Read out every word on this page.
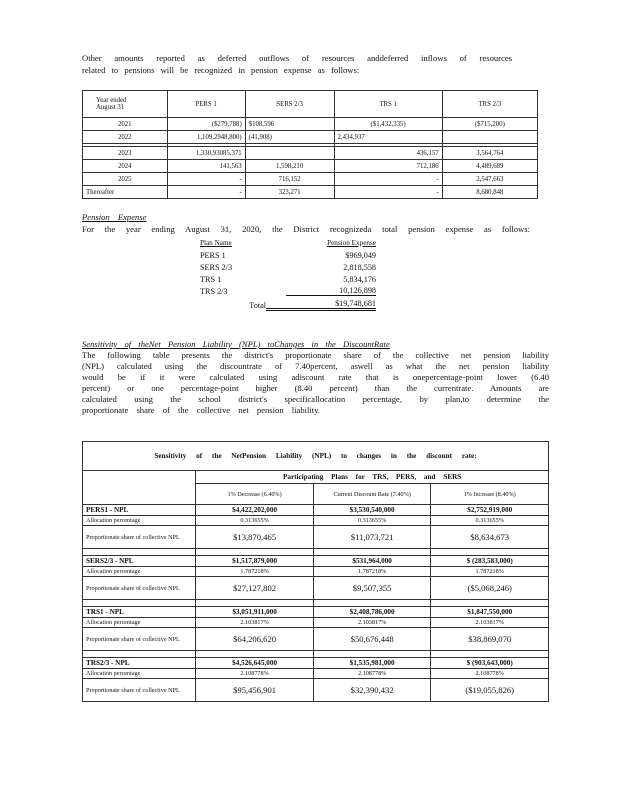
Other amounts reported as deferred outflows of resources anddeferred inflows of resources
related to pensions will be recognized in pension expense as follows:
Year ended
August 31	PERS 1	SERS 2/3	TRS 1	TRS 2/3
2021	($279,788)	$108,596	($1,432,335)	($715,200)
2022	1,109,2948,800)	(41,908)	2,434,937	

2023	1,330,93085,371		436,157	3,564,764
2024	141,563	1,598,210	712,186	4,489,689
2025	-	716,152	-	2,547,663
Thereafter	-	323,271	-	8,680,848
Pension Expense
For the year ending August 31, 2020, the District recognizeda total pension expense as follows:
Plan Name	Pension Expense
PERS 1	$969,049
SERS 2/3	2,818,558
TRS 1	5,834,176
TRS 2/3	10,126,898
Total	$19,748,681
Sensitivity of theNet Pension Liability (NPL) toChanges in the DiscountRate
The following table presents the district's proportionate share of the collective net pension liability
(NPL) calculated using the discountrate of 7.40percent, aswell as what the net pension liability
would be if it were calculated using adiscount rate that is onepercentage-point lower (6.40
percent) or one percentage-point higher (8.40 percent) than the currentrate. Amounts are
calculated using the school district's specificallocation percentage, by plan,to determine the
proportionate share of the collective net pension liability.
Sensitivity of the NetPension Liability (NPL) to changes in the discount rate:			
	Participating Plans for TRS, PERS, and SERS		
	1% Decrease (6.40%)	Current Discount Rate (7.40%)	1% Increase (8.40%)
PERS1 - NPL	$4,422,202,000	$3,530,540,000	$2,752,919,000
Allocation percentage	0.313655%	0.313655%	0.313655%
Proportionate share of collective NPL	$13,870,465	$11,073,721	$8,634,673

SERS2/3 - NPL	$1,517,879,000	$531,964,000	$ (283,583,000)
Allocation percentage	1.787218%	1.787218%	1.787218%
Proportionate share of collective NPL	$27,127,802	$9,507,355	($5,068,246)

TRS1 - NPL	$3,051,911,000	$2,408,786,000	$1,847,550,000
Allocation percentage	2.103817%	2.103817%	2.103817%
Proportionate share of collective NPL	$64,206,620	$50,676,448	$38,869,070

TRS2/3 - NPL	$4,526,645,000	$1,535,981,000	$ (903,643,000)
Allocation percentage	2.108778%	2.108778%	2.108778%
Proportionate share of collective NPL	$95,456,901	$32,390,432	($19,055,826)
